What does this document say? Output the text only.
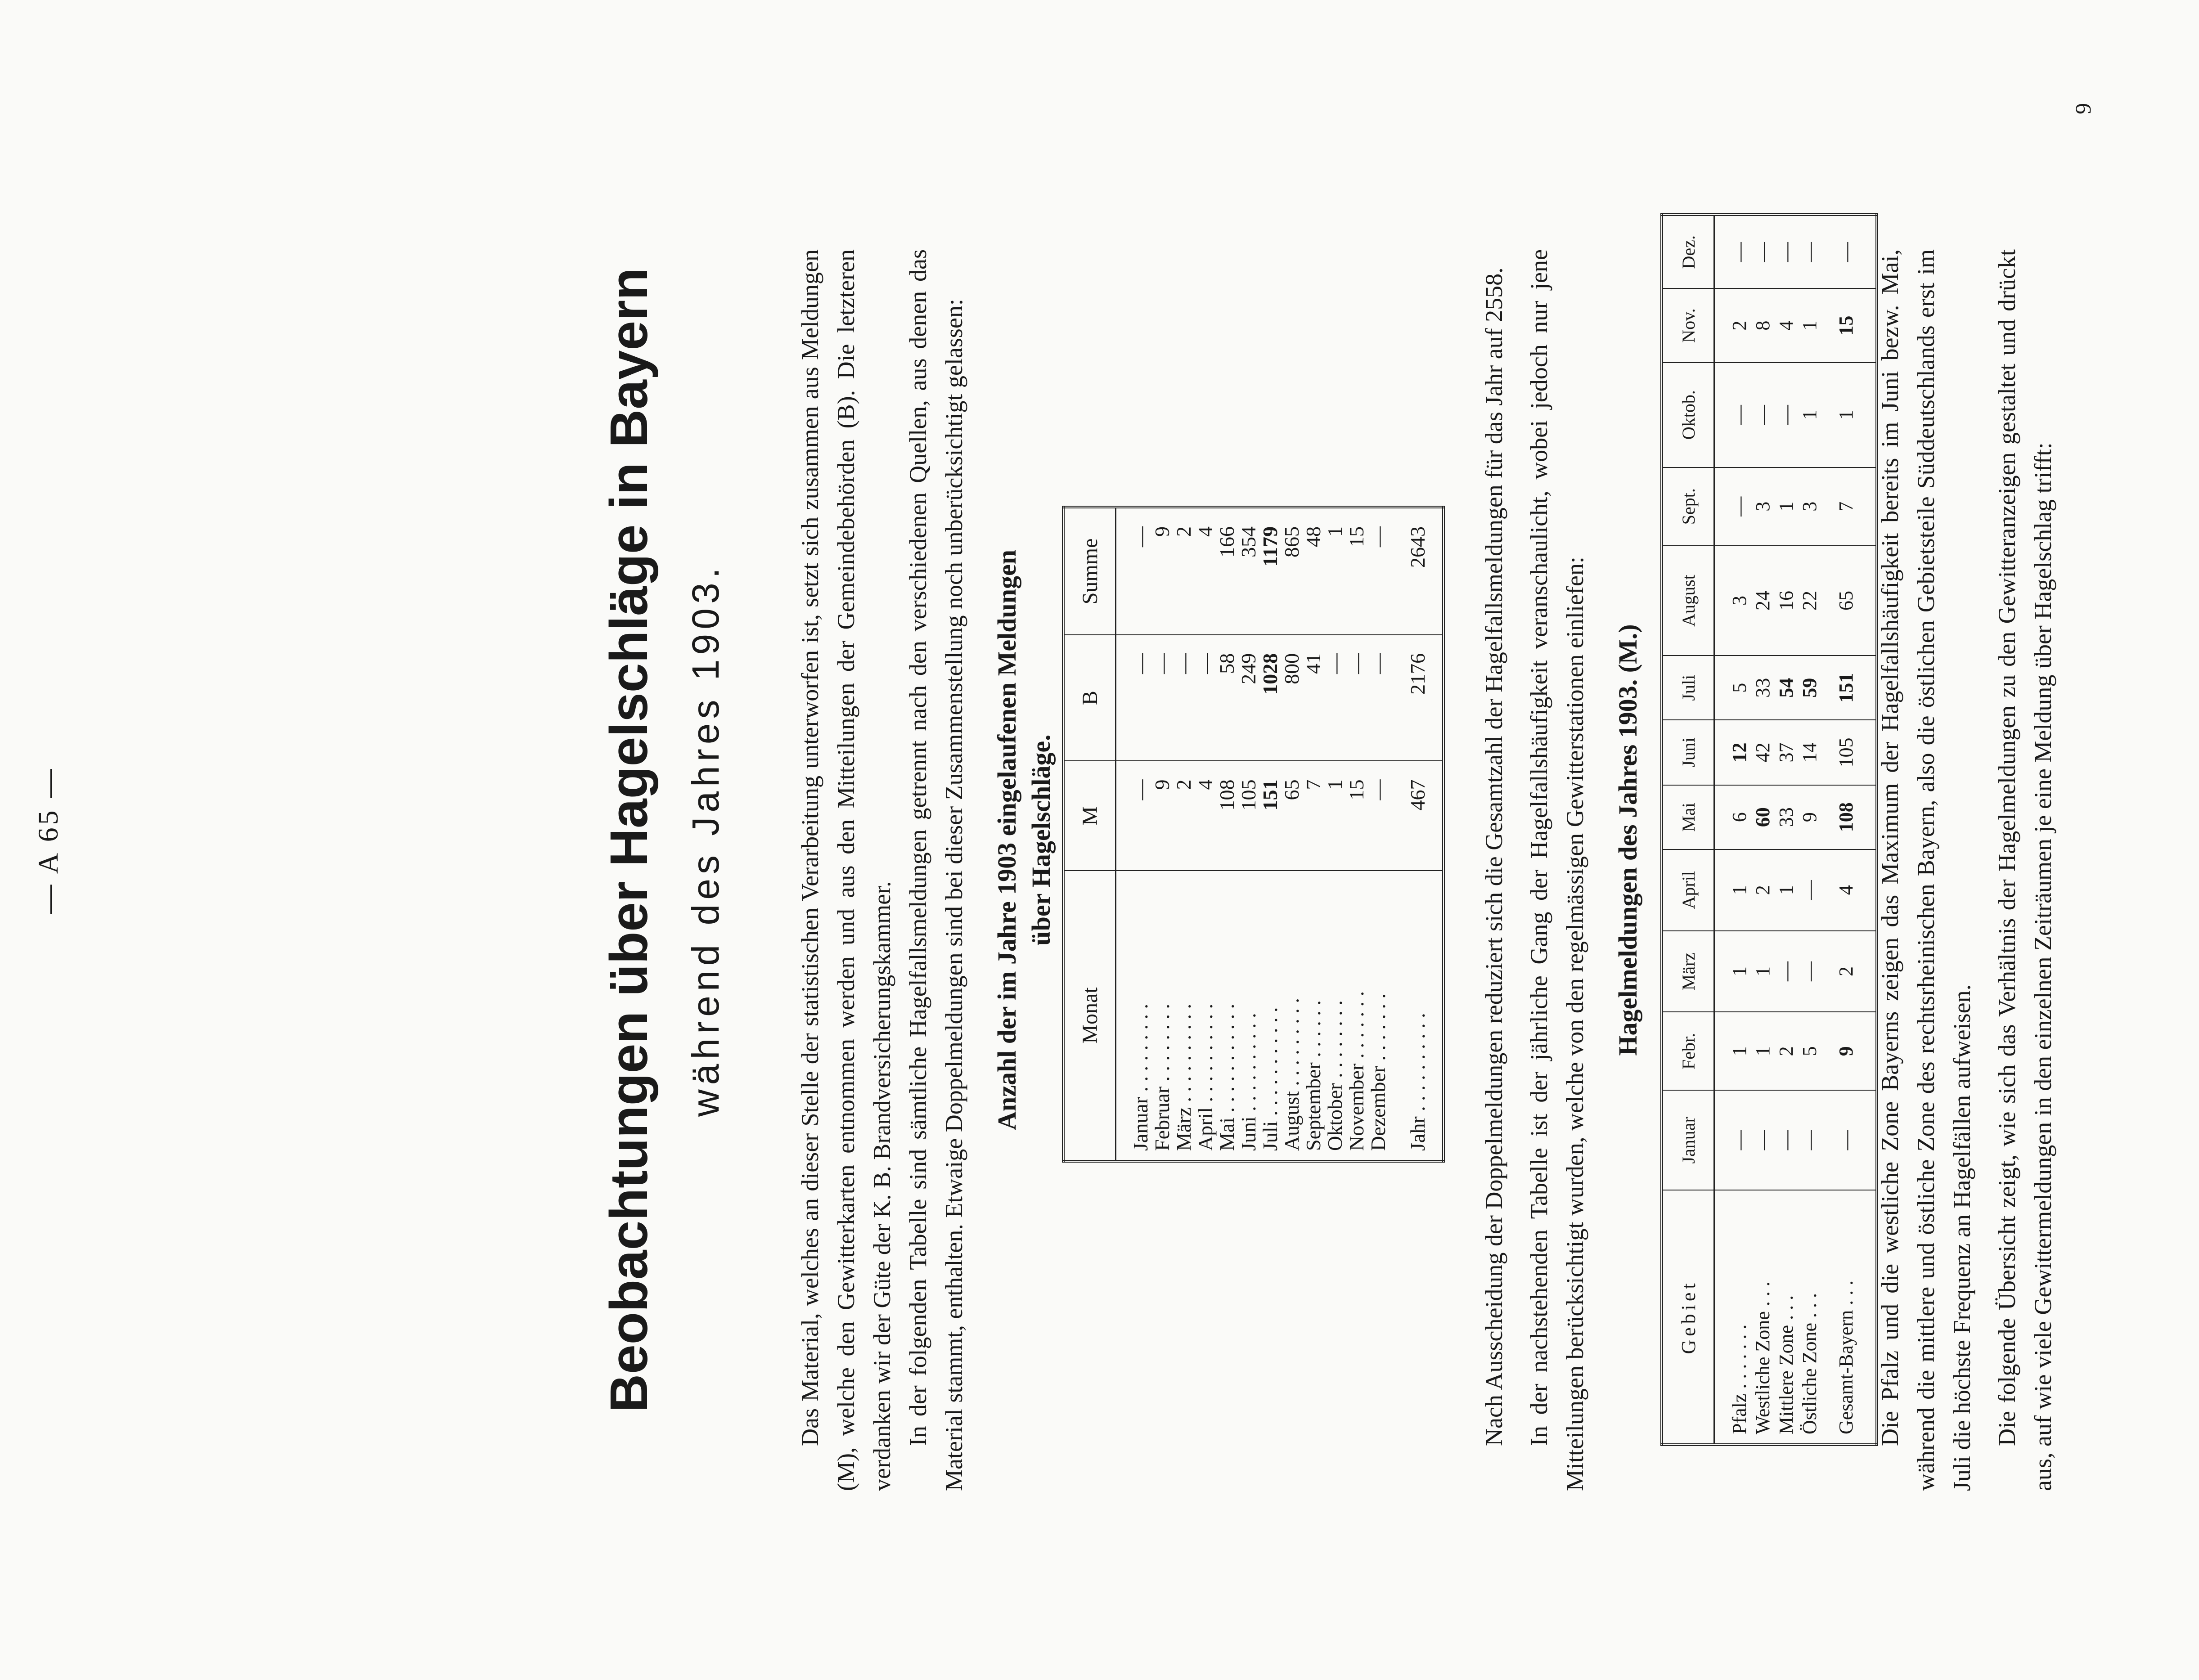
— A 65 —	Beobachtungen über Hagelschläge in Bayern während des Jahres 1903.	Das Material, welches an dieser Stelle der statistischen Verarbeitung unterworfen ist, setzt sich zusammen aus Meldungen (M), welche den Gewitterkarten entnommen werden und aus den Mitteilungen der Gemeindebehörden (B). Die letzteren verdanken wir der Güte der K. B. Brandversicherungskammer. In der folgenden Tabelle sind sämtliche Hagelfallsmeldungen getrennt nach den verschiedenen Quellen, aus denen das Material stammt, enthalten. Etwaige Doppelmeldungen sind bei dieser Zusammenstellung noch unberücksichtigt gelassen: Anzahl der im Jahre 1903 eingelaufenen Meldungen über Hagelschläge.
Monat	M	B	Summe
Januar . . . . . . . . .	—	—	—
Februar . . . . . . . .	9	—	9
März . . . . . . . . . .	2	—	2
April . . . . . . . . . .	4	—	4
Mai . . . . . . . . . . .	108	58	166
Juni . . . . . . . . . .	105	249	354
Juli . . . . . . . . . . .	151	1028	1179
August . . . . . . . . .	65	800	865
September . . . . . .	7	41	48
Oktober . . . . . . . .	1	—	1
November . . . . . . .	15	—	15
Dezember . . . . . . .	—	—	—
Jahr . . . . . . . . . .	467	2176	2643 Nach Ausscheidung der Doppelmeldungen reduziert sich die Gesamtzahl der Hagelfallsmeldungen für das Jahr auf 2558. In der nachstehenden Tabelle ist der jährliche Gang der Hagelfallshäufigkeit veranschaulicht, wobei jedoch nur jene Mitteilungen berücksichtigt wurden, welche von den regelmässigen Gewitterstationen einliefen: Hagelmeldungen des Jahres 1903. (M.)
Gebiet	Januar	Febr.	März	April	Mai	Juni	Juli	August	Sept.	Oktob.	Nov.	Dez.
Pfalz . . . . . . .	—	1	1	1	6	12	5	3	—	—	2	—
Westliche Zone . . .	—	1	1	2	60	42	33	24	3	—	8	—
Mittlere Zone . . .	—	2	—	1	33	37	54	16	1	—	4	—
Östliche Zone . . .	—	5	—	—	9	14	59	22	3	1	1	—
Gesamt-Bayern . . .	—	9	2	4	108	105	151	65	7	1	15	— Die Pfalz und die westliche Zone Bayerns zeigen das Maximum der Hagelfallshäufigkeit bereits im Juni bezw. Mai, während die mittlere und östliche Zone des rechtsrheinischen Bayern, also die östlichen Gebietsteile Süddeutschlands erst im Juli die höchste Frequenz an Hagelfällen aufweisen. Die folgende Übersicht zeigt, wie sich das Verhältnis der Hagelmeldungen zu den Gewitteranzeigen gestaltet und drückt aus, auf wie viele Gewittermeldungen in den einzelnen Zeiträumen je eine Meldung über Hagelschlag trifft:
9
